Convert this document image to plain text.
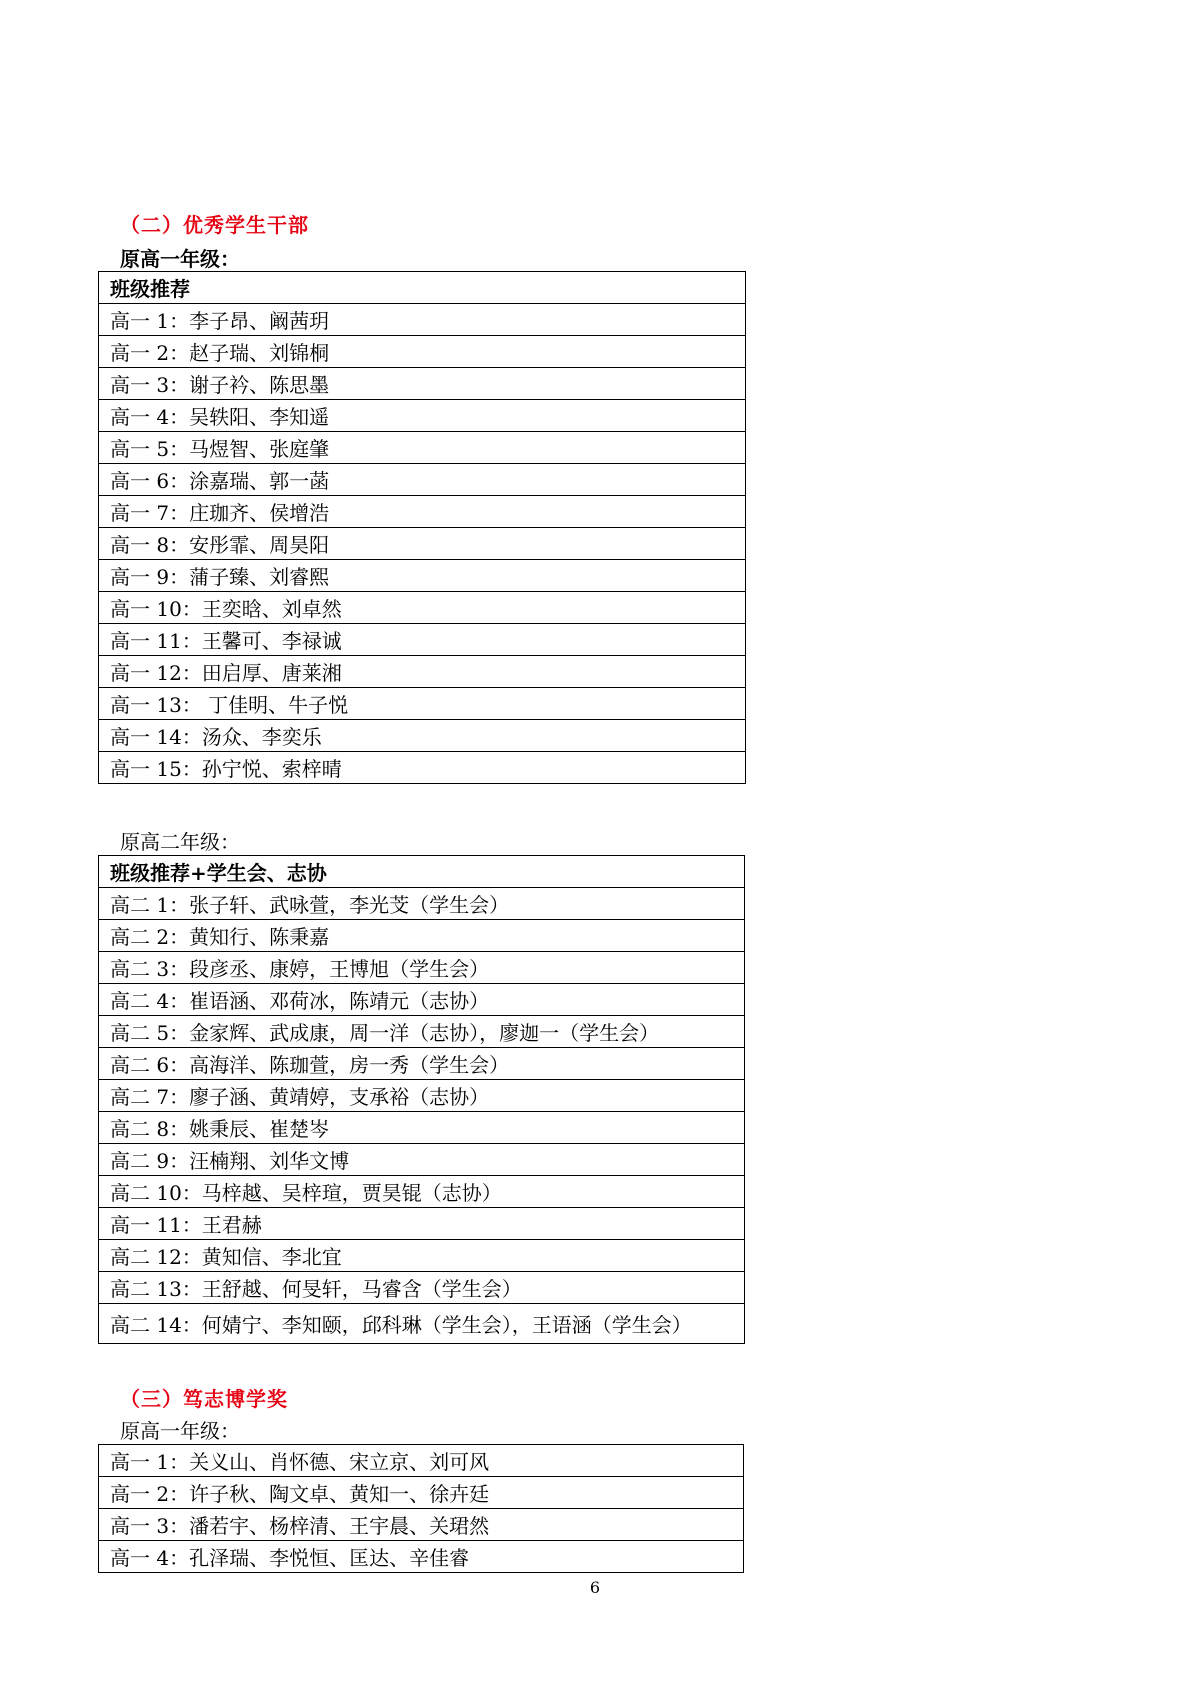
（二）优秀学生干部
原高一年级：
班级推荐
高一 1：李子昂、阚茜玥
高一 2：赵子瑞、刘锦桐
高一 3：谢子衿、陈思墨
高一 4：吴轶阳、李知遥
高一 5：马煜智、张庭肇
高一 6：涂嘉瑞、郭一菡
高一 7：庄珈齐、侯增浩
高一 8：安彤霏、周昊阳
高一 9：蒲子臻、刘睿熙
高一 10：王奕晗、刘卓然
高一 11：王馨可、李禄诚
高一 12：田启厚、唐莱湘
高一 13： 丁佳明、牛子悦
高一 14：汤众、李奕乐
高一 15：孙宁悦、索梓晴
原高二年级：
班级推荐+学生会、志协
高二 1：张子轩、武咏萱，李光芠（学生会）
高二 2：黄知行、陈秉嘉
高二 3：段彦丞、康婷，王博旭（学生会）
高二 4：崔语涵、邓荷冰，陈靖元（志协）
高二 5：金家辉、武成康，周一洋（志协），廖迦一（学生会）
高二 6：高海洋、陈珈萱，房一秀（学生会）
高二 7：廖子涵、黄靖婷，支承裕（志协）
高二 8：姚秉辰、崔楚岑
高二 9：汪楠翔、刘华文博
高二 10：马梓越、吴梓瑄，贾昊锟（志协）
高一 11：王君赫
高二 12：黄知信、李北宜
高二 13：王舒越、何旻轩，马睿含（学生会）
高二 14：何婧宁、李知颐，邱科琳（学生会），王语涵（学生会）
（三）笃志博学奖
原高一年级：
高一 1：关义山、肖怀德、宋立京、刘可风
高一 2：许子秋、陶文卓、黄知一、徐卉廷
高一 3：潘若宇、杨梓清、王宇晨、关珺然
高一 4：孔泽瑞、李悦恒、匡达、辛佳睿
6
